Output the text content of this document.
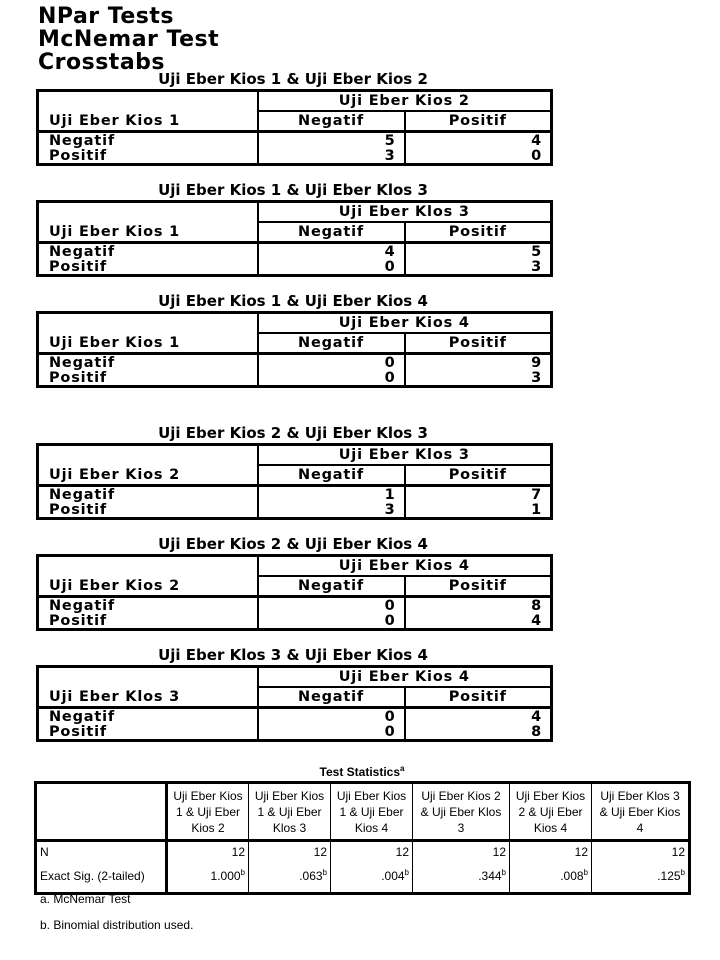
NPar Tests
McNemar Test
Crosstabs
Uji Eber Kios 1 & Uji Eber Kios 2
	Uji Eber Kios 2	
Uji Eber Kios 1	Negatif	Positif
Negatif	5	4
Positif	3	0
Uji Eber Kios 1 & Uji Eber Klos 3
	Uji Eber Klos 3	
Uji Eber Kios 1	Negatif	Positif
Negatif	4	5
Positif	0	3
Uji Eber Kios 1 & Uji Eber Kios 4
	Uji Eber Kios 4	
Uji Eber Kios 1	Negatif	Positif
Negatif	0	9
Positif	0	3
Uji Eber Kios 2 & Uji Eber Klos 3
	Uji Eber Klos 3	
Uji Eber Kios 2	Negatif	Positif
Negatif	1	7
Positif	3	1
Uji Eber Kios 2 & Uji Eber Kios 4
	Uji Eber Kios 4	
Uji Eber Kios 2	Negatif	Positif
Negatif	0	8
Positif	0	4
Uji Eber Klos 3 & Uji Eber Kios 4
	Uji Eber Kios 4	
Uji Eber Klos 3	Negatif	Positif
Negatif	0	4
Positif	0	8
Test Statistics$^a$
	Uji Eber Kios 1 & Uji Eber Kios 2	Uji Eber Kios 1 & Uji Eber Klos 3	Uji Eber Kios 1 & Uji Eber Kios 4	Uji Eber Kios 2 & Uji Eber Klos 3	Uji Eber Kios 2 & Uji Eber Kios 4	Uji Eber Klos 3 & Uji Eber Kios 4
N	12	12	12	12	12	12
Exact Sig. (2-tailed)	1.000$^b$	.063$^b$	.004$^b$	.344$^b$	.008$^b$	.125$^b$
a. McNemar Test
b. Binomial distribution used.
